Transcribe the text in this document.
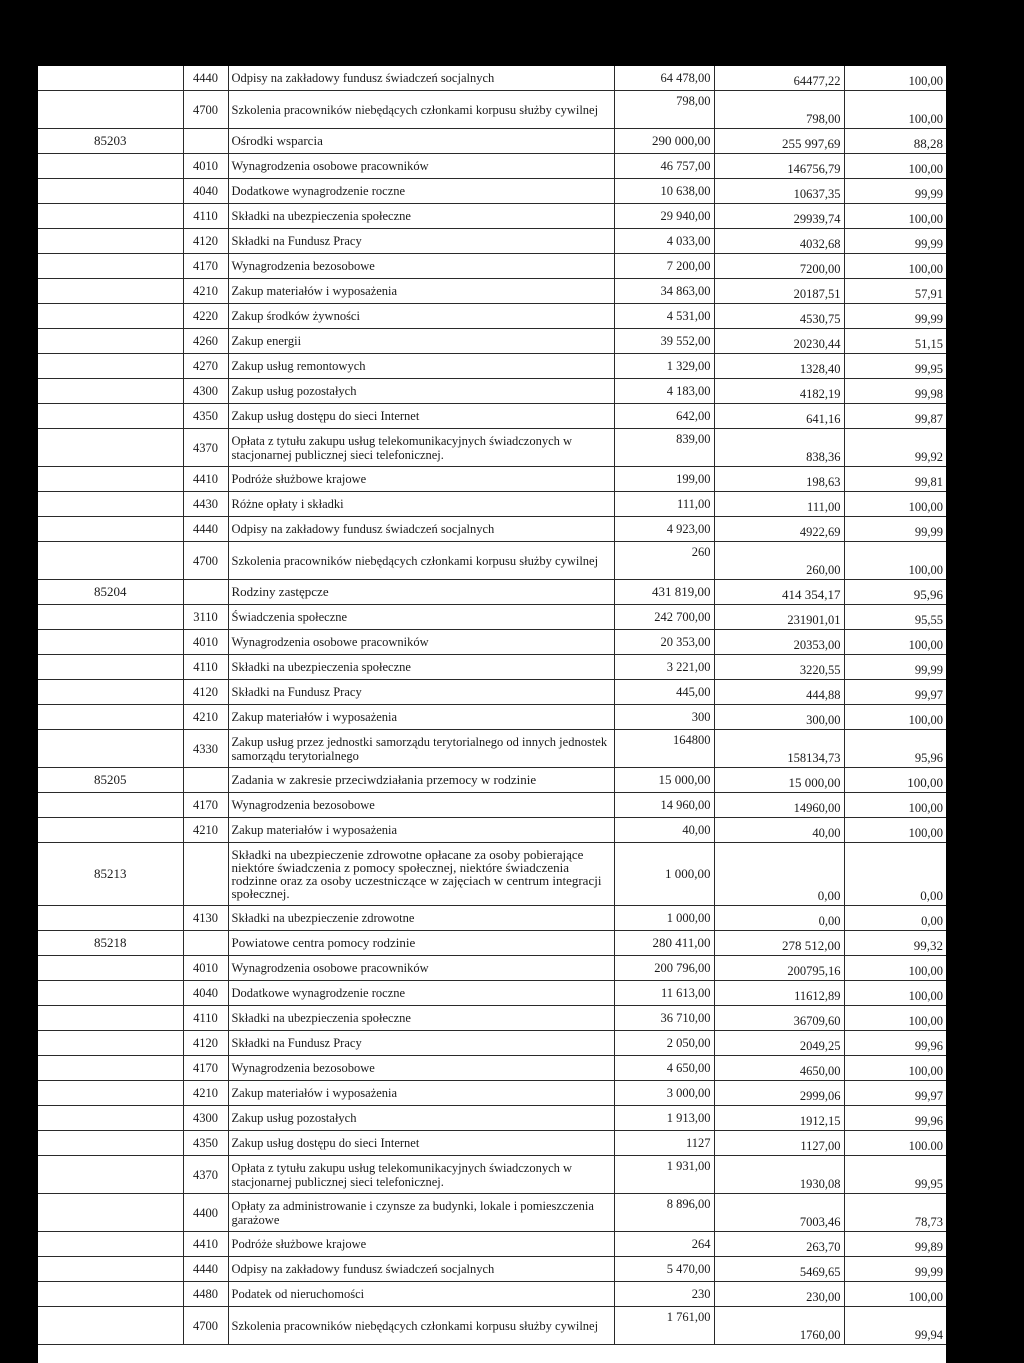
	4440	Odpisy na zakładowy fundusz świadczeń socjalnych	64 478,00	64477,22	100,00
	4700	Szkolenia pracowników niebędących członkami korpusu służby cywilnej	798,00	798,00	100,00
85203		Ośrodki wsparcia	290 000,00	255 997,69	88,28
	4010	Wynagrodzenia osobowe pracowników	46 757,00	146756,79	100,00
	4040	Dodatkowe wynagrodzenie roczne	10 638,00	10637,35	99,99
	4110	Składki na ubezpieczenia społeczne	29 940,00	29939,74	100,00
	4120	Składki na Fundusz Pracy	4 033,00	4032,68	99,99
	4170	Wynagrodzenia bezosobowe	7 200,00	7200,00	100,00
	4210	Zakup materiałów i wyposażenia	34 863,00	20187,51	57,91
	4220	Zakup środków żywności	4 531,00	4530,75	99,99
	4260	Zakup energii	39 552,00	20230,44	51,15
	4270	Zakup usług remontowych	1 329,00	1328,40	99,95
	4300	Zakup usług pozostałych	4 183,00	4182,19	99,98
	4350	Zakup usług dostępu do sieci Internet	642,00	641,16	99,87
	4370	Opłata z tytułu zakupu usług telekomunikacyjnych świadczonych w stacjonarnej publicznej sieci telefonicznej.	839,00	838,36	99,92
	4410	Podróże służbowe krajowe	199,00	198,63	99,81
	4430	Różne opłaty i składki	111,00	111,00	100,00
	4440	Odpisy na zakładowy fundusz świadczeń socjalnych	4 923,00	4922,69	99,99
	4700	Szkolenia pracowników niebędących członkami korpusu służby cywilnej	260	260,00	100,00
85204		Rodziny zastępcze	431 819,00	414 354,17	95,96
	3110	Świadczenia społeczne	242 700,00	231901,01	95,55
	4010	Wynagrodzenia osobowe pracowników	20 353,00	20353,00	100,00
	4110	Składki na ubezpieczenia społeczne	3 221,00	3220,55	99,99
	4120	Składki na Fundusz Pracy	445,00	444,88	99,97
	4210	Zakup materiałów i wyposażenia	300	300,00	100,00
	4330	Zakup usług przez jednostki samorządu terytorialnego od innych jednostek samorządu terytorialnego	164800	158134,73	95,96
85205		Zadania w zakresie przeciwdziałania przemocy w rodzinie	15 000,00	15 000,00	100,00
	4170	Wynagrodzenia bezosobowe	14 960,00	14960,00	100,00
	4210	Zakup materiałów i wyposażenia	40,00	40,00	100,00
85213		Składki na ubezpieczenie zdrowotne opłacane za osoby pobierające niektóre świadczenia z pomocy społecznej, niektóre świadczenia rodzinne oraz za osoby uczestniczące w zajęciach w centrum integracji społecznej.	1 000,00	0,00	0,00
	4130	Składki na ubezpieczenie zdrowotne	1 000,00	0,00	0,00
85218		Powiatowe centra pomocy rodzinie	280 411,00	278 512,00	99,32
	4010	Wynagrodzenia osobowe pracowników	200 796,00	200795,16	100,00
	4040	Dodatkowe wynagrodzenie roczne	11 613,00	11612,89	100,00
	4110	Składki na ubezpieczenia społeczne	36 710,00	36709,60	100,00
	4120	Składki na Fundusz Pracy	2 050,00	2049,25	99,96
	4170	Wynagrodzenia bezosobowe	4 650,00	4650,00	100,00
	4210	Zakup materiałów i wyposażenia	3 000,00	2999,06	99,97
	4300	Zakup usług pozostałych	1 913,00	1912,15	99,96
	4350	Zakup usług dostępu do sieci Internet	1127	1127,00	100.00
	4370	Opłata z tytułu zakupu usług telekomunikacyjnych świadczonych w stacjonarnej publicznej sieci telefonicznej.	1 931,00	1930,08	99,95
	4400	Opłaty za administrowanie i czynsze za budynki, lokale i pomieszczenia garażowe	8 896,00	7003,46	78,73
	4410	Podróże służbowe krajowe	264	263,70	99,89
	4440	Odpisy na zakładowy fundusz świadczeń socjalnych	5 470,00	5469,65	99,99
	4480	Podatek od nieruchomości	230	230,00	100,00
	4700	Szkolenia pracowników niebędących członkami korpusu służby cywilnej	1 761,00	1760,00	99,94
